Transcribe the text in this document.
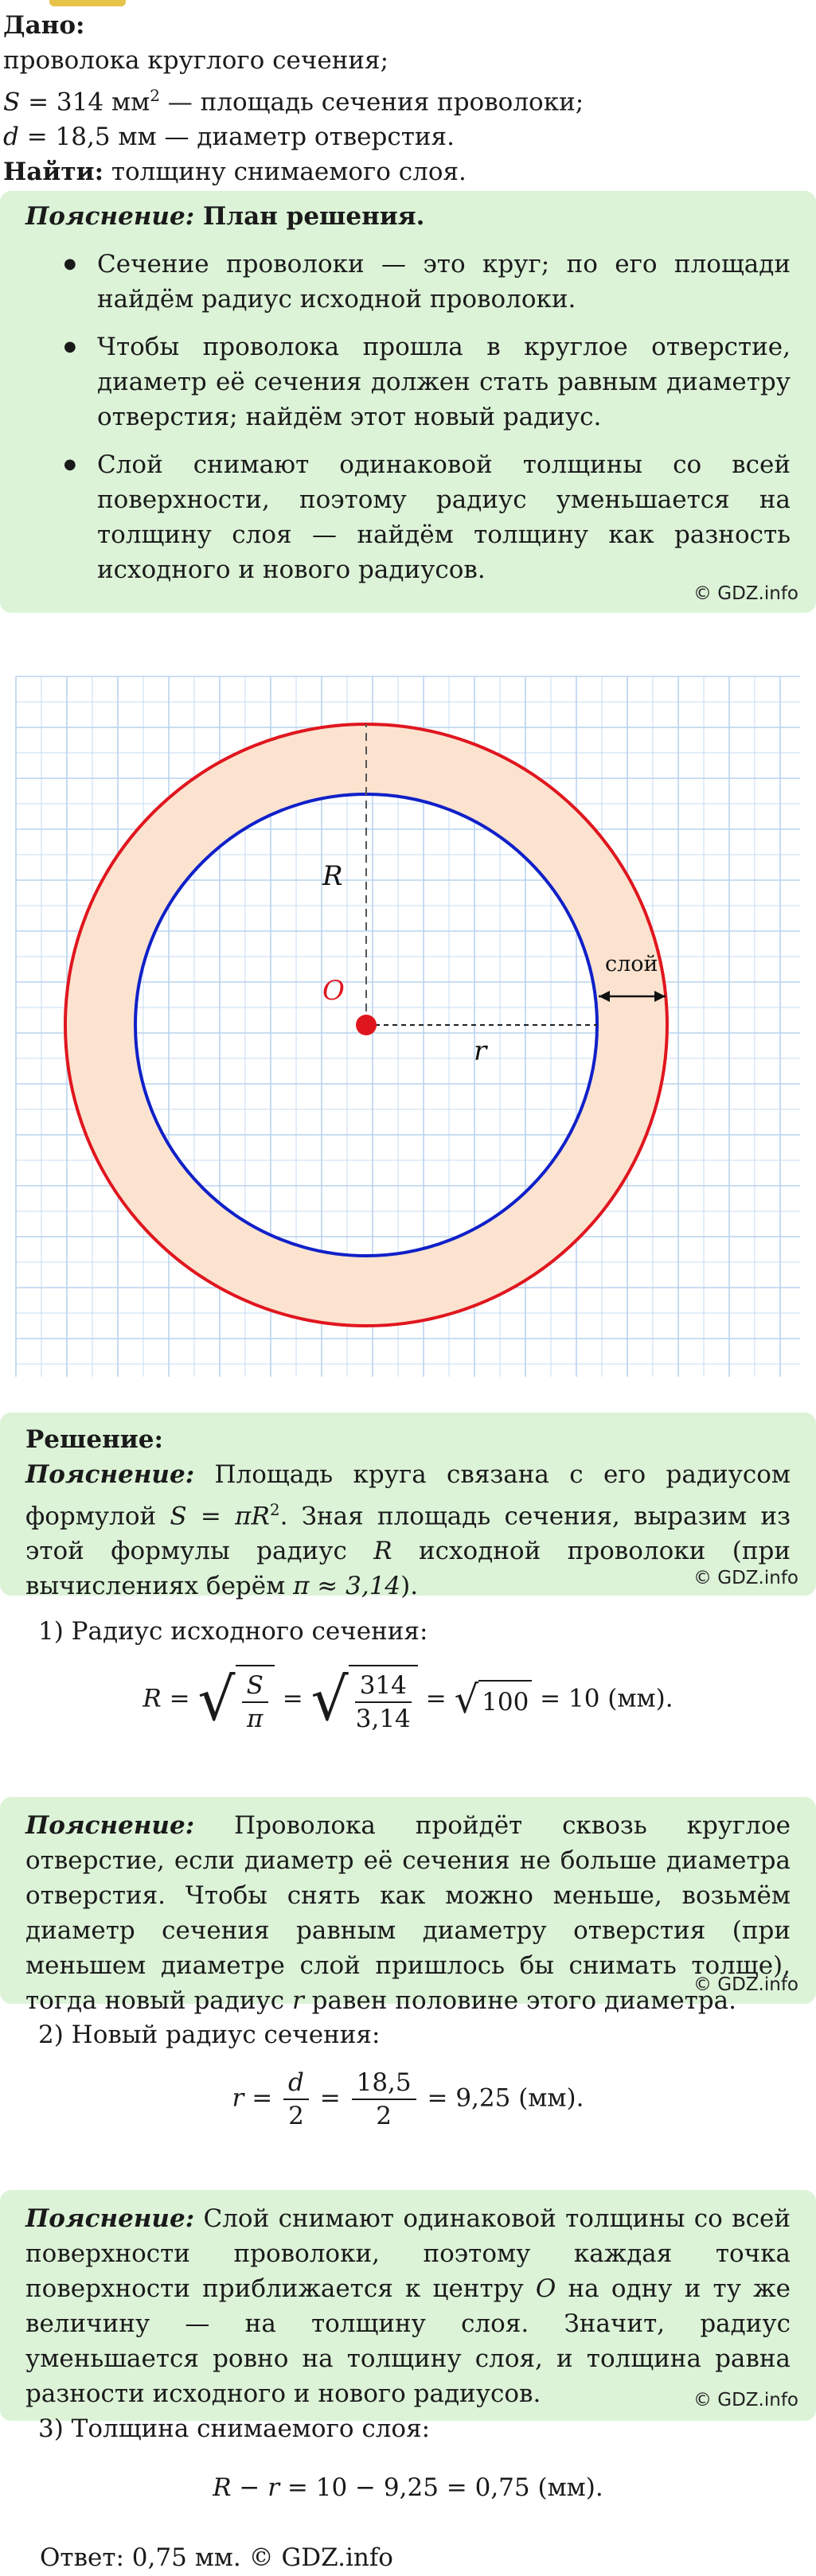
Дано:
проволока круглого сечения;
S = 314 $мм^2$ — площадь сечения проволоки;
d = 18,5 мм — диаметр отверстия.
Найти: толщину снимаемого слоя.

Пояснение: План решения.

● Сечение проволоки — это круг; по его площади найдём радиус исходной проволоки.
● Чтобы проволока прошла в круглое отверстие, диаметр её сечения должен стать равным диаметру отверстия; найдём этот новый радиус.
● Слой снимают одинаковой толщины со всей поверхности, поэтому радиус уменьшается на толщину слоя — найдём толщину как разность исходного и нового радиусов.
© GDZ.info
R
O
r
слой

Решение:

Пояснение: Площадь круга связана с его радиусом формулой $S = \pi R^2$. Зная площадь сечения, выразим из этой формулы радиус R исходной проволоки (при вычислениях берём π ≈ 3,14).	© GDZ.info
1) Радиус исходного сечения:
R = √ $\frac{S}{\pi}$ = √ $\frac{314}{3,14}$ = √ 100 = 10 (мм).

Пояснение: Проволока пройдёт сквозь круглое отверстие, если диаметр её сечения не больше диаметра отверстия. Чтобы снять как можно меньше, возьмём диаметр сечения равным диаметру отверстия (при меньшем диаметре слой пришлось бы снимать толще), тогда новый радиус r равен половине этого диаметра.

© GDZ.info
2) Новый радиус сечения:
$r = \frac{d}{2} = \frac{18,5}{2} = 9,25$ (мм).

Пояснение: Слой снимают одинаковой толщины со всей поверхности проволоки, поэтому каждая точка поверхности приближается к центру O на одну и ту же величину — на толщину слоя. Значит, радиус уменьшается ровно на толщину слоя, и толщина равна разности исходного и нового радиусов.	© GDZ.info
3) Толщина снимаемого слоя:
R − r = 10 − 9,25 = 0,75 (мм).
Ответ: 0,75 мм. © GDZ.info
